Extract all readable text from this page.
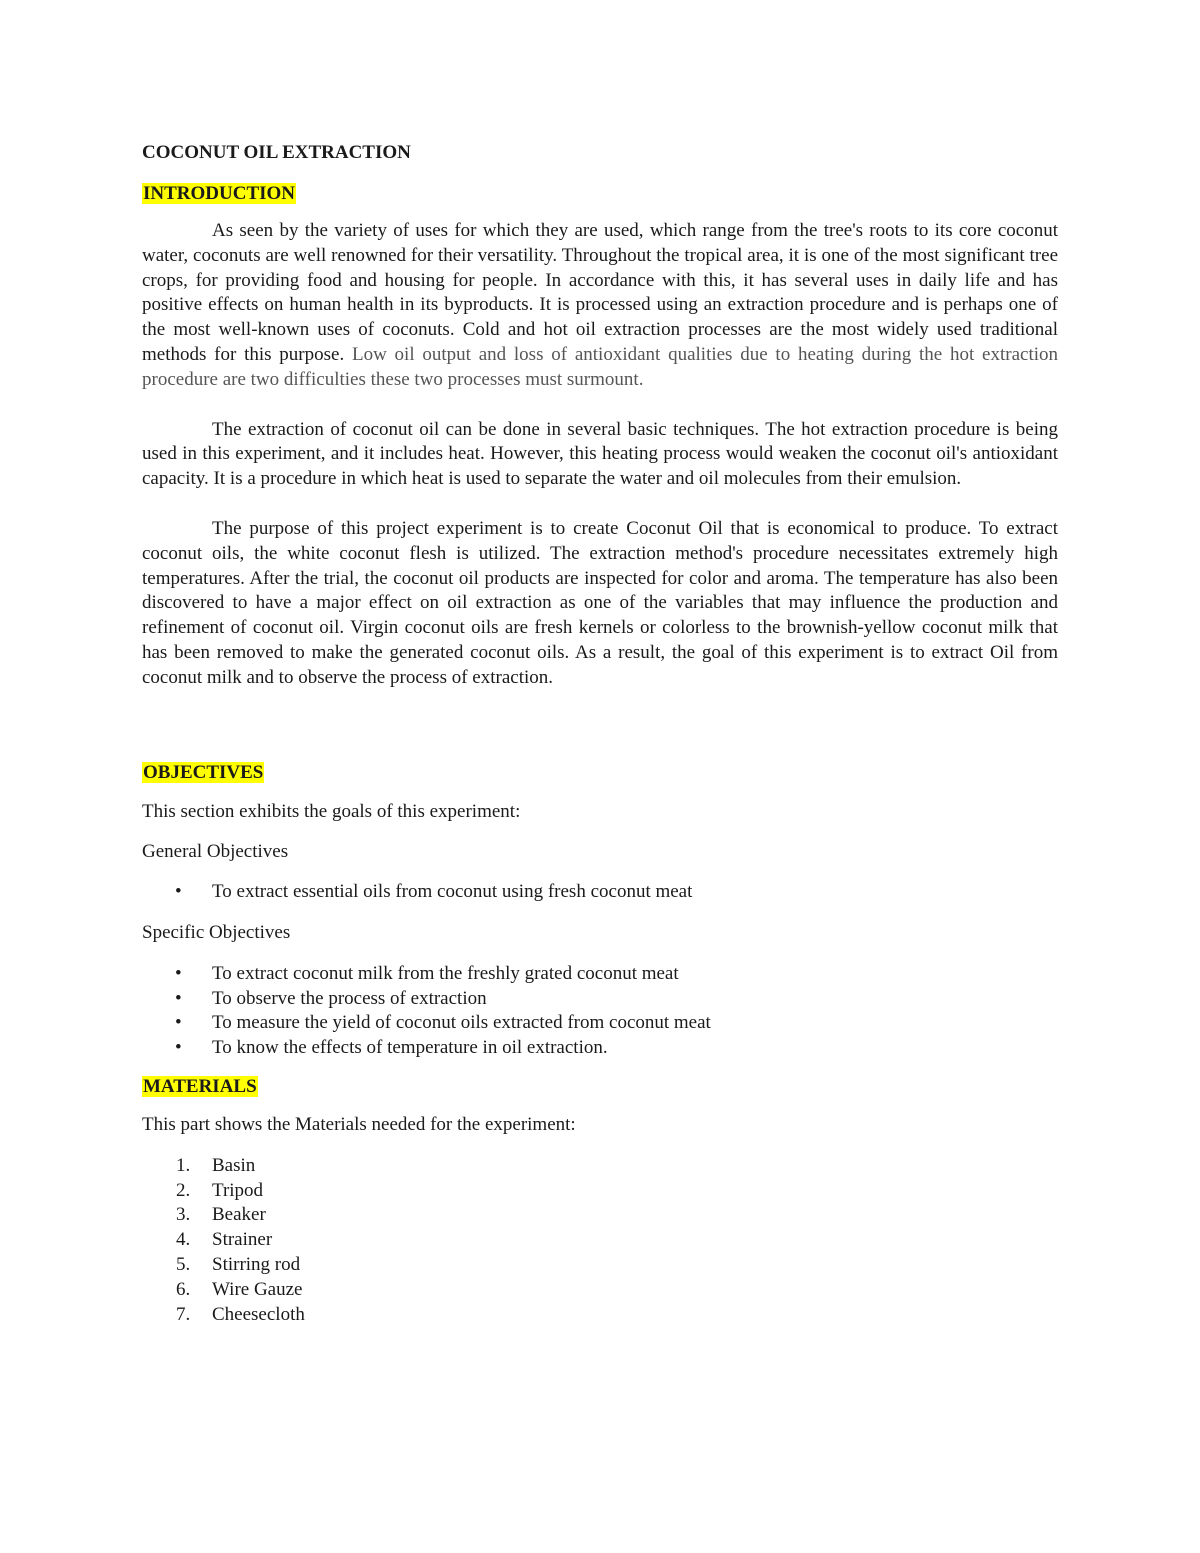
COCONUT OIL EXTRACTION
INTRODUCTION

As seen by the variety of uses for which they are used, which range from the tree's roots to its core coconut water, coconuts are well renowned for their versatility. Throughout the tropical area, it is one of the most significant tree crops, for providing food and housing for people. In accordance with this, it has several uses in daily life and has positive effects on human health in its byproducts. It is processed using an extraction procedure and is perhaps one of the most well-known uses of coconuts. Cold and hot oil extraction processes are the most widely used traditional methods for this purpose. Low oil output and loss of antioxidant qualities due to heating during the hot extraction procedure are two difficulties these two processes must surmount.

The extraction of coconut oil can be done in several basic techniques. The hot extraction procedure is being used in this experiment, and it includes heat. However, this heating process would weaken the coconut oil's antioxidant capacity. It is a procedure in which heat is used to separate the water and oil molecules from their emulsion.

The purpose of this project experiment is to create Coconut Oil that is economical to produce. To extract coconut oils, the white coconut flesh is utilized. The extraction method's procedure necessitates extremely high temperatures. After the trial, the coconut oil products are inspected for color and aroma. The temperature has also been discovered to have a major effect on oil extraction as one of the variables that may influence the production and refinement of coconut oil. Virgin coconut oils are fresh kernels or colorless to the brownish-yellow coconut milk that has been removed to make the generated coconut oils. As a result, the goal of this experiment is to extract Oil from coconut milk and to observe the process of extraction.

OBJECTIVES

This section exhibits the goals of this experiment:

General Objectives

• To extract essential oils from coconut using fresh coconut meat

Specific Objectives

• To extract coconut milk from the freshly grated coconut meat
• To observe the process of extraction
• To measure the yield of coconut oils extracted from coconut meat
• To know the effects of temperature in oil extraction.
MATERIALS

This part shows the Materials needed for the experiment:

1. Basin
2. Tripod
3. Beaker
4. Strainer
5. Stirring rod
6. Wire Gauze
7. Cheesecloth
